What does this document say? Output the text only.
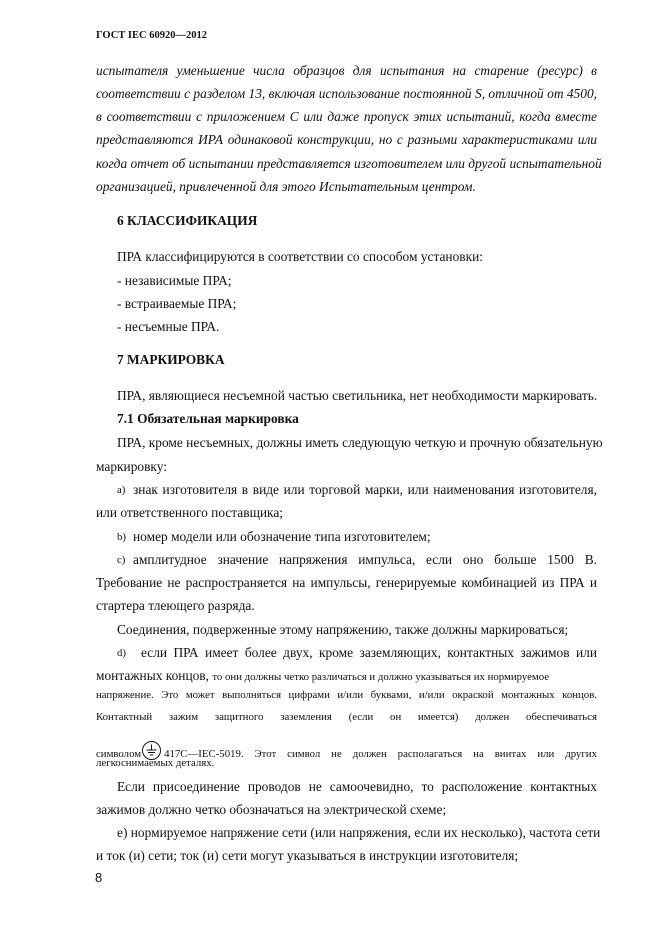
ГОСТ IEC 60920—2012
испытателя уменьшение числа образцов для испытания на старение (ресурс) в
соответствии с разделом 13, включая использование постоянной S, отличной от 4500,
в соответствии с приложением С или даже пропуск этих испытаний, когда вместе
представляются ИРА одинаковой конструкции, но с разными характеристиками или
когда отчет об испытании представляется изготовителем или другой испытательной
организацией, привлеченной для этого Испытательным центром.
6 КЛАССИФИКАЦИЯ
ПРА классифицируются в соответствии со способом установки:
- независимые ПРА;
- встраиваемые ПРА;
- несъемные ПРА.
7 МАРКИРОВКА
ПРА, являющиеся несъемной частью светильника, нет необходимости маркировать.
7.1 Обязательная маркировка
ПРА, кроме несъемных, должны иметь следующую четкую и прочную обязательную
маркировку:
a) знак изготовителя в виде или торговой марки, или наименования изготовителя,
или ответственного поставщика;
b) номер модели или обозначение типа изготовителем;
c) амплитудное значение напряжения импульса, если оно больше 1500 В.
Требование не распространяется на импульсы, генерируемые комбинацией из ПРА и
стартера тлеющего разряда.
Соединения, подверженные этому напряжению, также должны маркироваться;
d) если ПРА имеет более двух, кроме заземляющих, контактных зажимов или
монтажных концов, то они должны четко различаться и должно указываться их нормируемое
напряжение. Это может выполняться цифрами и/или буквами, и/или окраской монтажных концов.
Контактный зажим защитного заземления (если он имеется) должен обеспечиваться
символом 417С—IEC-5019. Этот символ не должен располагаться на винтах или других
легкоснимаемых деталях.
Если присоединение проводов не самоочевидно, то расположение контактных
зажимов должно четко обозначаться на электрической схеме;
е) нормируемое напряжение сети (или напряжения, если их несколько), частота сети
и ток (и) сети; ток (и) сети могут указываться в инструкции изготовителя;
8
